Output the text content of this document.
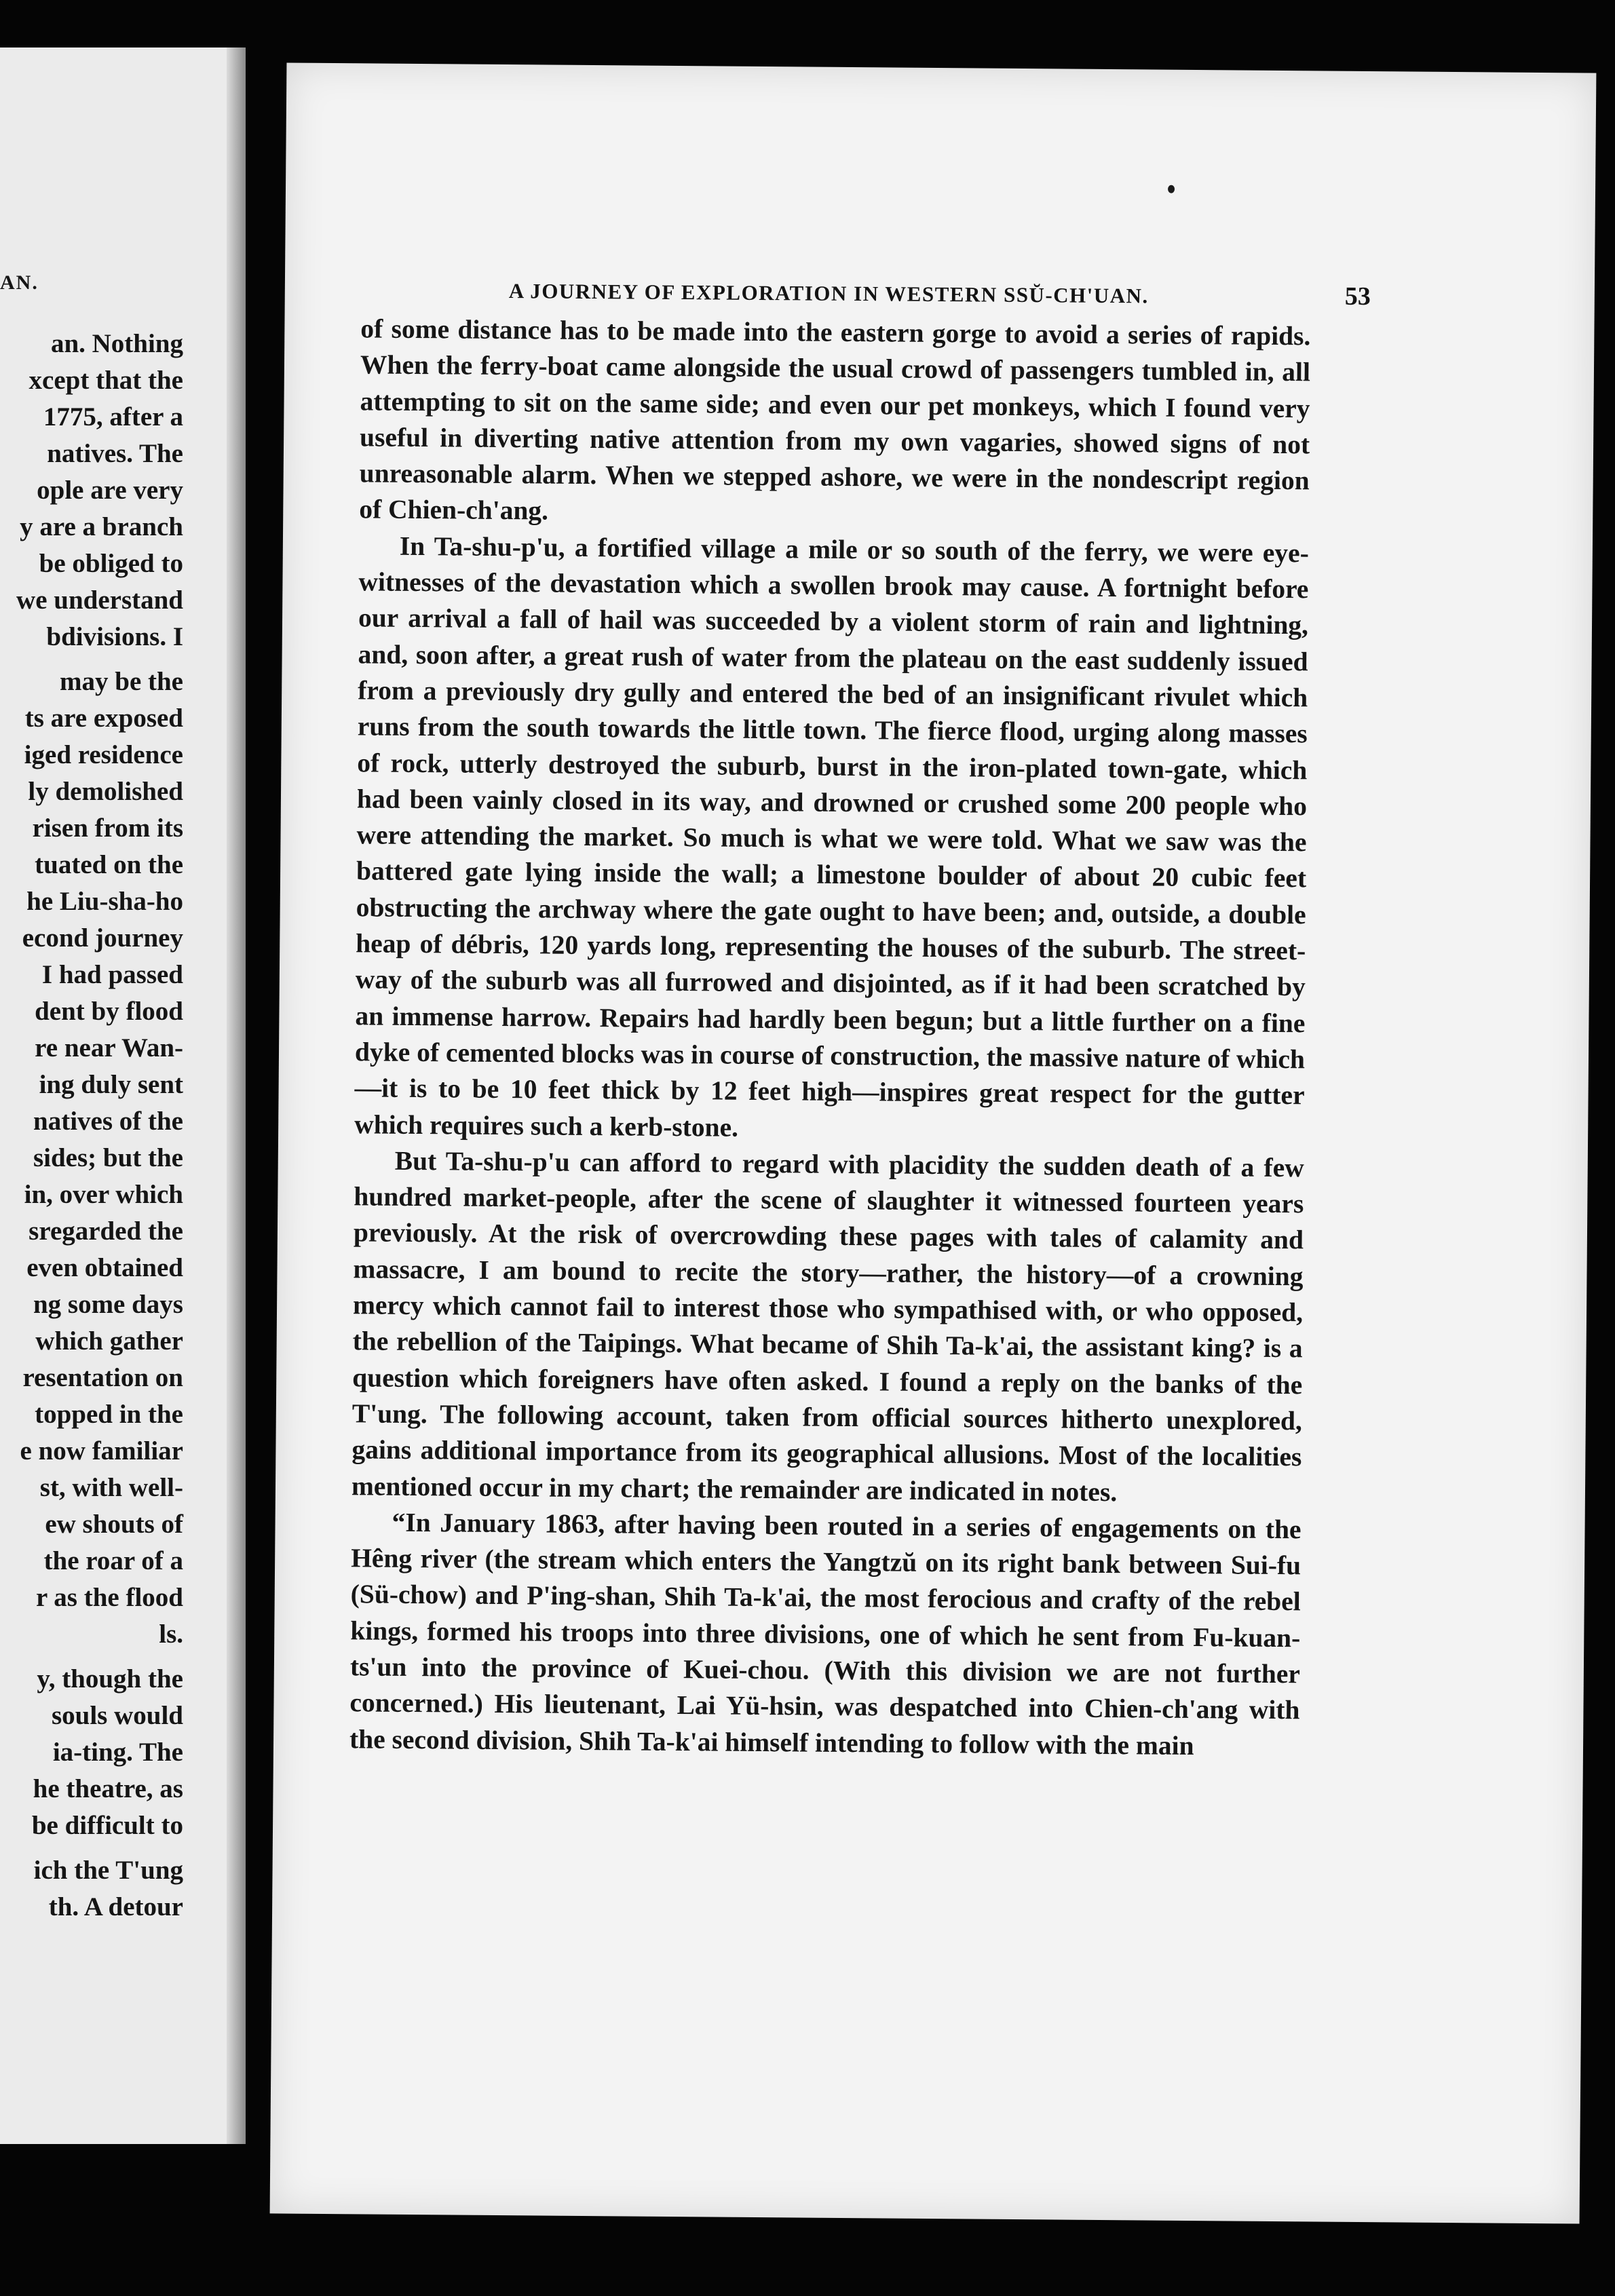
AN.
an. Nothing
xcept that the
1775, after a
natives. The
ople are very
y are a branch
be obliged to
we understand
bdivisions. I
may be the
ts are exposed
iged residence
ly demolished
risen from its
tuated on the
he Liu-sha-ho
econd journey
I had passed
dent by flood
re near Wan-
ing duly sent
natives of the
sides; but the
in, over which
sregarded the
even obtained
ng some days
which gather
resentation on
topped in the
e now familiar
st, with well-
ew shouts of
the roar of a
r as the flood
ls.
y, though the
souls would
ia-ting. The
he theatre, as
be difficult to
ich the T'ung
th. A detour
A JOURNEY OF EXPLORATION IN WESTERN SSŬ-CH'UAN.	53

of some distance has to be made into the eastern gorge to avoid a series of rapids. When the ferry-boat came alongside the usual crowd of passengers tumbled in, all attempting to sit on the same side; and even our pet monkeys, which I found very useful in diverting native attention from my own vagaries, showed signs of not unreasonable alarm. When we stepped ashore, we were in the nondescript region of Chien-ch'ang.

In Ta-shu-p'u, a fortified village a mile or so south of the ferry, we were eye-witnesses of the devastation which a swollen brook may cause. A fortnight before our arrival a fall of hail was succeeded by a violent storm of rain and lightning, and, soon after, a great rush of water from the plateau on the east suddenly issued from a previously dry gully and entered the bed of an insignificant rivulet which runs from the south towards the little town. The fierce flood, urging along masses of rock, utterly destroyed the suburb, burst in the iron-plated town-gate, which had been vainly closed in its way, and drowned or crushed some 200 people who were attending the market. So much is what we were told. What we saw was the battered gate lying inside the wall; a limestone boulder of about 20 cubic feet obstructing the archway where the gate ought to have been; and, outside, a double heap of débris, 120 yards long, representing the houses of the suburb. The street-way of the suburb was all furrowed and disjointed, as if it had been scratched by an immense harrow. Repairs had hardly been begun; but a little further on a fine dyke of cemented blocks was in course of construction, the massive nature of which—it is to be 10 feet thick by 12 feet high—inspires great respect for the gutter which requires such a kerb-stone.

But Ta-shu-p'u can afford to regard with placidity the sudden death of a few hundred market-people, after the scene of slaughter it witnessed fourteen years previously. At the risk of overcrowding these pages with tales of calamity and massacre, I am bound to recite the story—rather, the history—of a crowning mercy which cannot fail to interest those who sympathised with, or who opposed, the rebellion of the Taipings. What became of Shih Ta-k'ai, the assistant king? is a question which foreigners have often asked. I found a reply on the banks of the T'ung. The following account, taken from official sources hitherto unexplored, gains additional importance from its geographical allusions. Most of the localities mentioned occur in my chart; the remainder are indicated in notes.

“In January 1863, after having been routed in a series of engagements on the Hêng river (the stream which enters the Yangtzŭ on its right bank between Sui-fu (Sü-chow) and P'ing-shan, Shih Ta-k'ai, the most ferocious and crafty of the rebel kings, formed his troops into three divisions, one of which he sent from Fu-kuan-ts'un into the province of Kuei-chou. (With this division we are not further concerned.) His lieutenant, Lai Yü-hsin, was despatched into Chien-ch'ang with the second division, Shih Ta-k'ai himself intending to follow with the main
